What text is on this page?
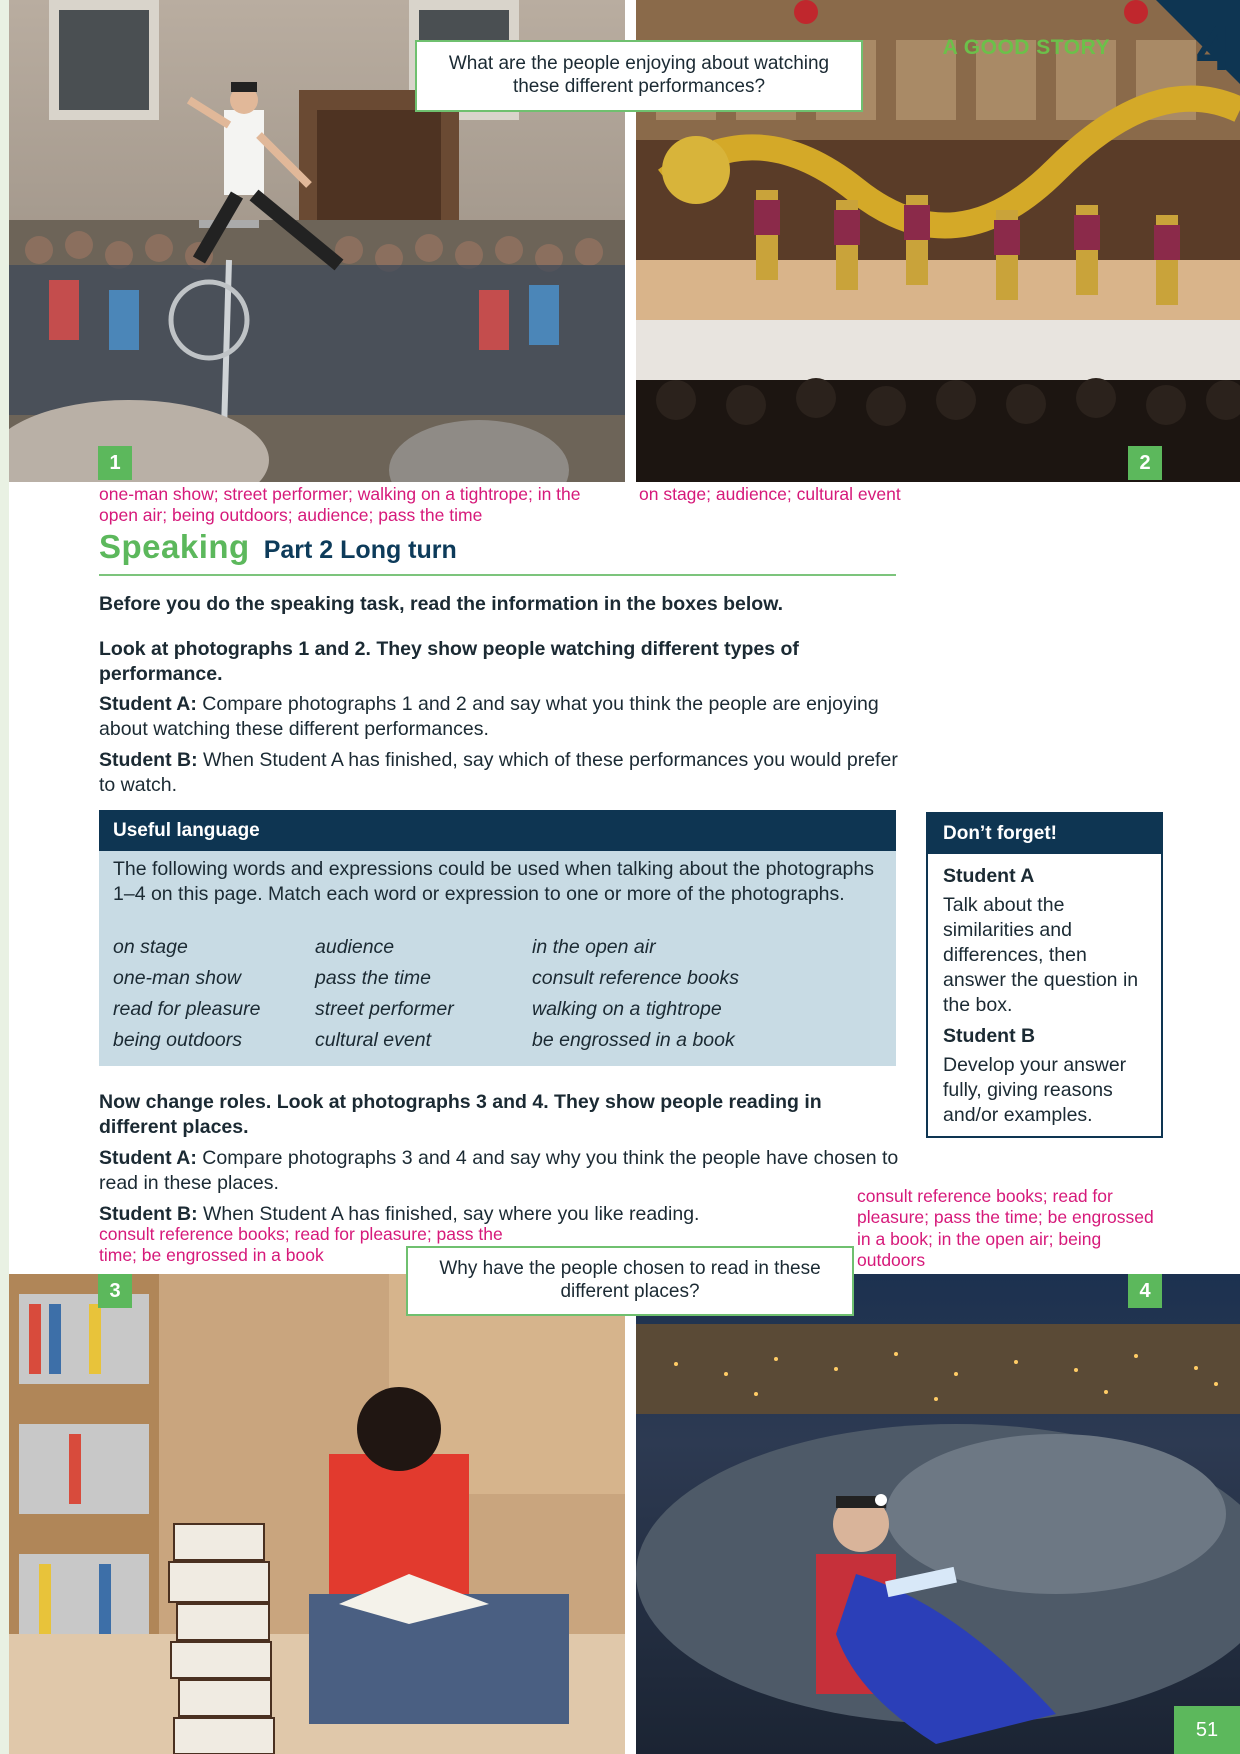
1	2
4
A GOOD STORY
What are the people enjoying about watching these different performances?
one-man show; street performer; walking on a tightrope; in the open air; being outdoors; audience; pass the time
on stage; audience; cultural event
Speaking Part 2 Long turn
Before you do the speaking task, read the information in the boxes below.
Look at photographs 1 and 2. They show people watching different types of performance.
Student A: Compare photographs 1 and 2 and say what you think the people are enjoying about watching these different performances.
Student B: When Student A has finished, say which of these performances you would prefer to watch.
Useful language
The following words and expressions could be used when talking about the photographs 1–4 on this page. Match each word or expression to one or more of the photographs.
on stage	audience	in the open air
one-man show	pass the time	consult reference books
read for pleasure	street performer	walking on a tightrope
being outdoors	cultural event	be engrossed in a book
Don’t forget!
Student A

Talk about the similarities and differences, then answer the question in the box.

Student B

Develop your answer fully, giving reasons and/or examples.

Now change roles. Look at photographs 3 and 4. They show people reading in different places.
Student A: Compare photographs 3 and 4 and say why you think the people have chosen to read in these places.
Student B: When Student A has finished, say where you like reading.
consult reference books; read for pleasure; pass the time; be engrossed in a book
consult reference books; read for pleasure; pass the time; be engrossed in a book; in the open air; being outdoors
3	4
Why have the people chosen to read in these different places?
51
